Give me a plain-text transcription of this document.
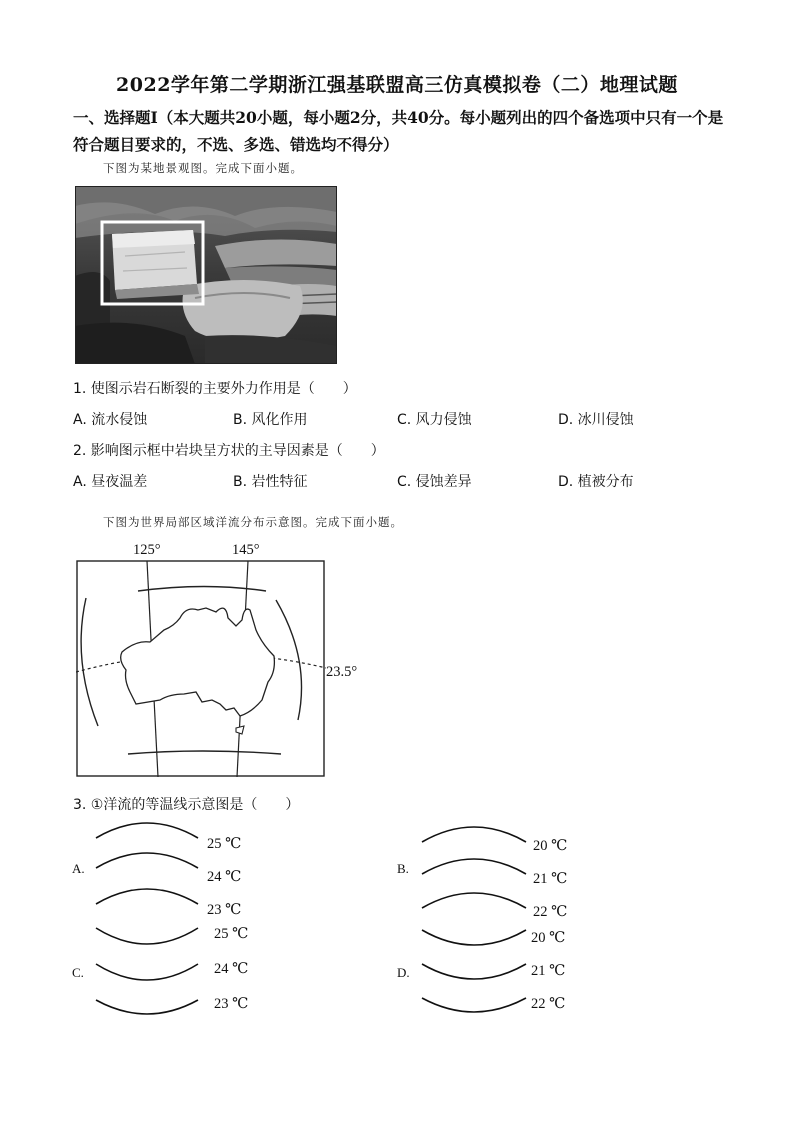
2022学年第二学期浙江强基联盟高三仿真模拟卷（二）地理试题
一、选择题Ⅰ（本大题共20小题，每小题2分，共40分。每小题列出的四个备选项中只有一个是符合题目要求的，不选、多选、错选均不得分）
下图为某地景观图。完成下面小题。
1. 使图示岩石断裂的主要外力作用是（　　）
A. 流水侵蚀	B. 风化作用	C. 风力侵蚀	D. 冰川侵蚀
2. 影响图示框中岩块呈方状的主导因素是（　　）
A. 昼夜温差	B. 岩性特征	C. 侵蚀差异	D. 植被分布
下图为世界局部区域洋流分布示意图。完成下面小题。
125°	145°
23.5°
3. ①洋流的等温线示意图是（　　）
A.
25 ℃
24 ℃
23 ℃
B.
20 ℃
21 ℃
22 ℃
C.
25 ℃
24 ℃
23 ℃
D.
20 ℃
21 ℃
22 ℃
